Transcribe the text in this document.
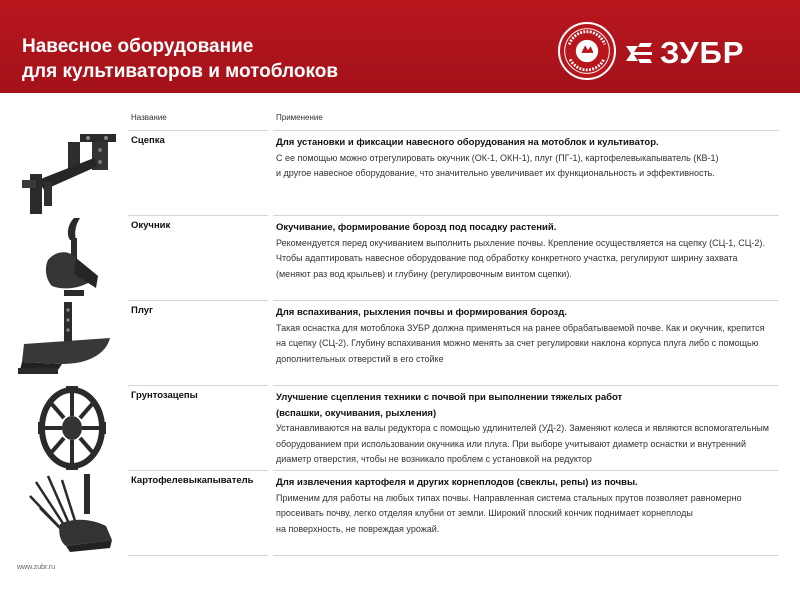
Навесное оборудование
для культиваторов и мотоблоков
ЗУБР
Название	Применение
Сцепка	Для установки и фиксации навесного оборудования на мотоблок и культиватор.
С ее помощью можно отрегулировать окучник (ОК-1, ОКН-1), плуг (ПГ-1), картофелевыкапыватель (КВ-1)
и другое навесное оборудование, что значительно увеличивает их функциональность и эффективность.
Окучник	Окучивание, формирование борозд под посадку растений.
Рекомендуется перед окучиванием выполнить рыхление почвы. Крепление осуществляется на сцепку (СЦ-1, СЦ-2).
Чтобы адаптировать навесное оборудование под обработку конкретного участка, регулируют ширину захвата
(меняют раз вод крыльев) и глубину (регулировочным винтом сцепки).
Плуг	Для вспахивания, рыхления почвы и формирования борозд.
Такая оснастка для мотоблока ЗУБР должна применяться на ранее обрабатываемой почве. Как и окучник, крепится
на сцепку (СЦ-2). Глубину вспахивания можно менять за счет регулировки наклона корпуса плуга либо с помощью
дополнительных отверстий в его стойке
Грунтозацепы	Улучшение сцепления техники с почвой при выполнении тяжелых работ
(вспашки, окучивания, рыхления)
Устанавливаются на валы редуктора с помощью удлинителей (УД-2). Заменяют колеса и являются вспомогательным
оборудованием при использовании окучника или плуга. При выборе учитывают диаметр оснастки и внутренний
диаметр отверстия, чтобы не возникало проблем с установкой на редуктор
Картофелевыкапыватель Для извлечения картофеля и других корнеплодов (свеклы, репы) из почвы.
Применим для работы на любых типах почвы. Направленная система стальных прутов позволяет равномерно
просеивать почву, легко отделяя клубни от земли. Широкий плоский кончик поднимает корнеплоды
на поверхность, не повреждая урожай.
www.zubr.ru
